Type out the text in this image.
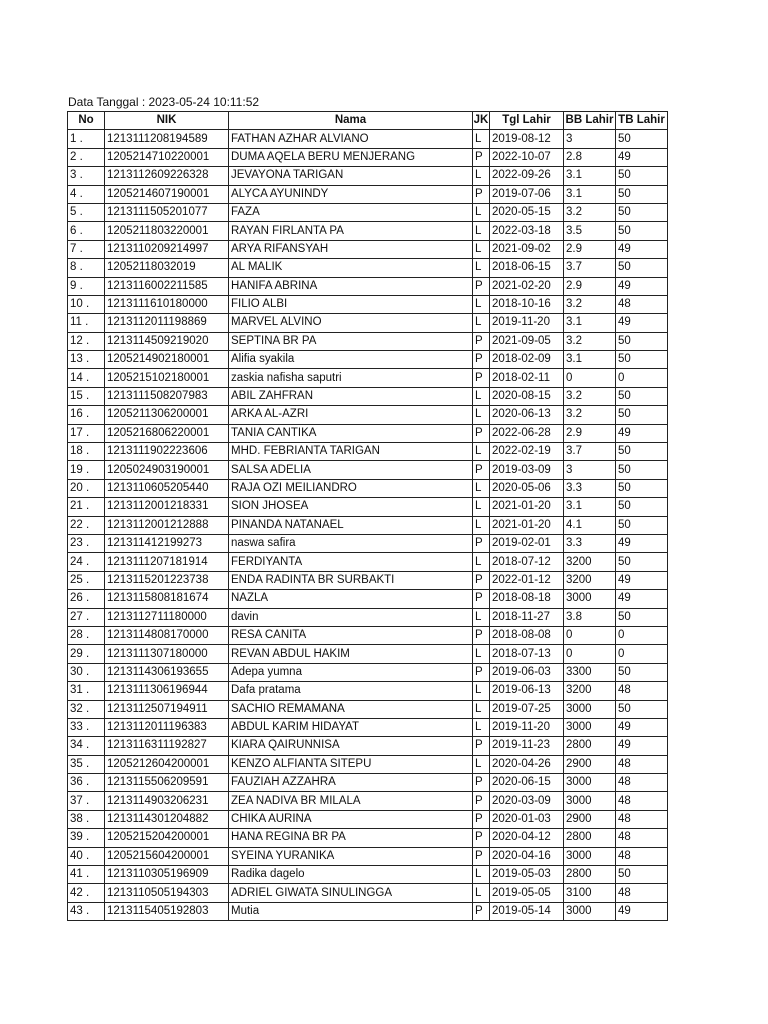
Data Tanggal : 2023-05-24 10:11:52
No	NIK	Nama	JK	Tgl Lahir	BB Lahir	TB Lahir
1 .	1213111208194589	FATHAN AZHAR ALVIANO	L	2019-08-12	3	50
2 .	1205214710220001	DUMA AQELA BERU MENJERANG	P	2022-10-07	2.8	49
3 .	1213112609226328	JEVAYONA TARIGAN	L	2022-09-26	3.1	50
4 .	1205214607190001	ALYCA AYUNINDY	P	2019-07-06	3.1	50
5 .	1213111505201077	FAZA	L	2020-05-15	3.2	50
6 .	1205211803220001	RAYAN FIRLANTA PA	L	2022-03-18	3.5	50
7 .	1213110209214997	ARYA RIFANSYAH	L	2021-09-02	2.9	49
8 .	12052118032019	AL MALIK	L	2018-06-15	3.7	50
9 .	1213116002211585	HANIFA ABRINA	P	2021-02-20	2.9	49
10 .	1213111610180000	FILIO ALBI	L	2018-10-16	3.2	48
11 .	1213112011198869	MARVEL ALVINO	L	2019-11-20	3.1	49
12 .	1213114509219020	SEPTINA BR PA	P	2021-09-05	3.2	50
13 .	1205214902180001	Alifia syakila	P	2018-02-09	3.1	50
14 .	1205215102180001	zaskia nafisha saputri	P	2018-02-11	0	0
15 .	1213111508207983	ABIL ZAHFRAN	L	2020-08-15	3.2	50
16 .	1205211306200001	ARKA AL-AZRI	L	2020-06-13	3.2	50
17 .	1205216806220001	TANIA CANTIKA	P	2022-06-28	2.9	49
18 .	1213111902223606	MHD. FEBRIANTA TARIGAN	L	2022-02-19	3.7	50
19 .	1205024903190001	SALSA ADELIA	P	2019-03-09	3	50
20 .	1213110605205440	RAJA OZI MEILIANDRO	L	2020-05-06	3.3	50
21 .	1213112001218331	SION JHOSEA	L	2021-01-20	3.1	50
22 .	1213112001212888	PINANDA NATANAEL	L	2021-01-20	4.1	50
23 .	121311412199273	naswa safira	P	2019-02-01	3.3	49
24 .	1213111207181914	FERDIYANTA	L	2018-07-12	3200	50
25 .	1213115201223738	ENDA RADINTA BR SURBAKTI	P	2022-01-12	3200	49
26 .	1213115808181674	NAZLA	P	2018-08-18	3000	49
27 .	1213112711180000	davin	L	2018-11-27	3.8	50
28 .	1213114808170000	RESA CANITA	P	2018-08-08	0	0
29 .	1213111307180000	REVAN ABDUL HAKIM	L	2018-07-13	0	0
30 .	1213114306193655	Adepa yumna	P	2019-06-03	3300	50
31 .	1213111306196944	Dafa pratama	L	2019-06-13	3200	48
32 .	1213112507194911	SACHIO REMAMANA	L	2019-07-25	3000	50
33 .	1213112011196383	ABDUL KARIM HIDAYAT	L	2019-11-20	3000	49
34 .	1213116311192827	KIARA QAIRUNNISA	P	2019-11-23	2800	49
35 .	1205212604200001	KENZO ALFIANTA SITEPU	L	2020-04-26	2900	48
36 .	1213115506209591	FAUZIAH AZZAHRA	P	2020-06-15	3000	48
37 .	1213114903206231	ZEA NADIVA BR MILALA	P	2020-03-09	3000	48
38 .	1213114301204882	CHIKA AURINA	P	2020-01-03	2900	48
39 .	1205215204200001	HANA REGINA BR PA	P	2020-04-12	2800	48
40 .	1205215604200001	SYEINA YURANIKA	P	2020-04-16	3000	48
41 .	1213110305196909	Radika dagelo	L	2019-05-03	2800	50
42 .	1213110505194303	ADRIEL GIWATA SINULINGGA	L	2019-05-05	3100	48
43 .	1213115405192803	Mutia	P	2019-05-14	3000	49
